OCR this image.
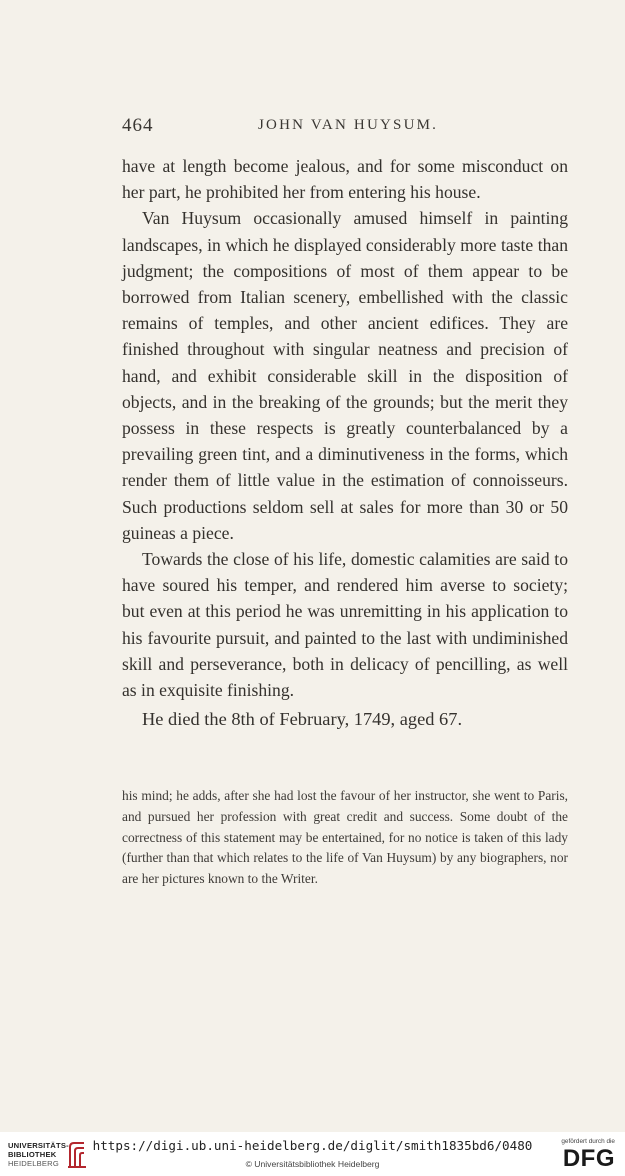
464	JOHN VAN HUYSUM.

have at length become jealous, and for some misconduct on her part, he prohibited her from entering his house.

Van Huysum occasionally amused himself in painting landscapes, in which he displayed considerably more taste than judgment; the compositions of most of them appear to be borrowed from Italian scenery, embellished with the classic remains of temples, and other ancient edifices. They are finished throughout with singular neatness and precision of hand, and exhibit considerable skill in the disposition of objects, and in the breaking of the grounds; but the merit they possess in these respects is greatly counterbalanced by a prevailing green tint, and a diminutiveness in the forms, which render them of little value in the estimation of connoisseurs. Such productions seldom sell at sales for more than 30 or 50 guineas a piece.

Towards the close of his life, domestic calamities are said to have soured his temper, and rendered him averse to society; but even at this period he was unremitting in his application to his favourite pursuit, and painted to the last with undiminished skill and perseverance, both in delicacy of pencilling, as well as in exquisite finishing.

He died the 8th of February, 1749, aged 67.

his mind; he adds, after she had lost the favour of her instructor, she went to Paris, and pursued her profession with great credit and success. Some doubt of the correctness of this statement may be entertained, for no notice is taken of this lady (further than that which relates to the life of Van Huysum) by any biographers, nor are her pictures known to the Writer.

UNIVERSITÄTS-
BIBLIOTHEK
HEIDELBERG
https://digi.ub.uni-heidelberg.de/diglit/smith1835bd6/0480
© Universitätsbibliothek Heidelberg
gefördert durch die
DFG
